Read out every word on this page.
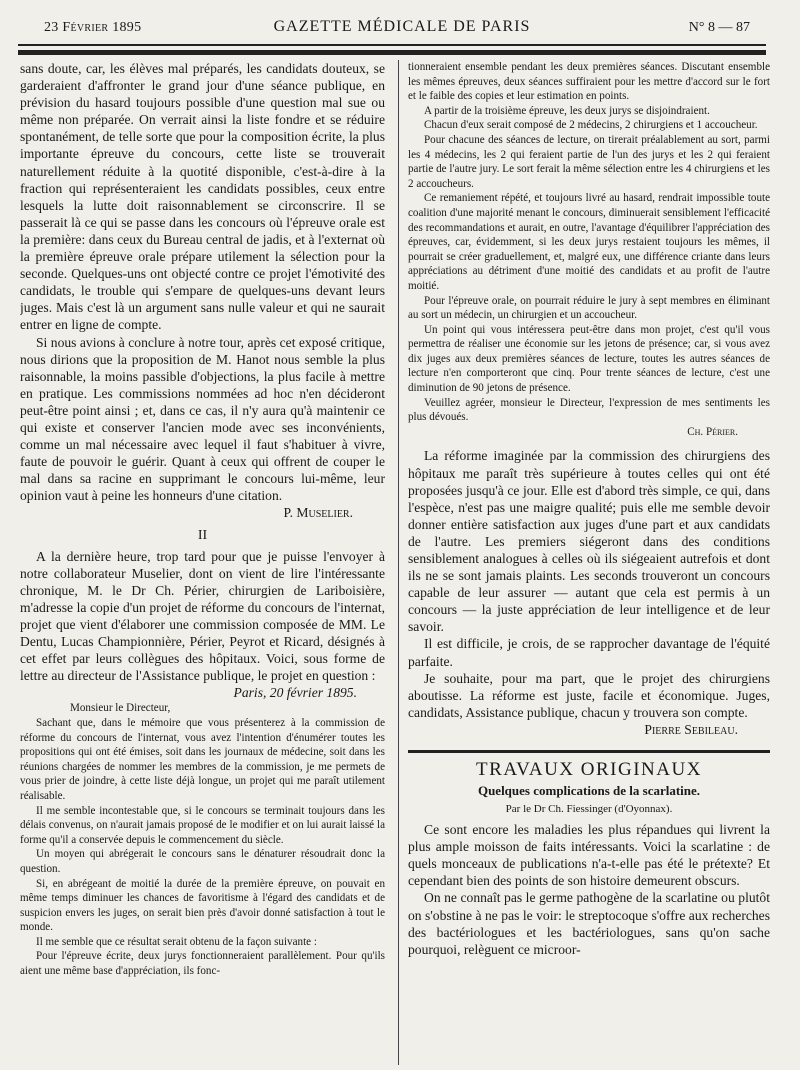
23 Février 1895	GAZETTE MÉDICALE DE PARIS	N° 8 — 87

sans doute, car, les élèves mal préparés, les candidats douteux, se garderaient d'affronter le grand jour d'une séance publique, en prévision du hasard toujours possible d'une question mal sue ou même non préparée. On verrait ainsi la liste fondre et se réduire spontanément, de telle sorte que pour la composition écrite, la plus importante épreuve du concours, cette liste se trouverait naturellement réduite à la quotité disponible, c'est-à-dire à la fraction qui représenteraient les candidats possibles, ceux entre lesquels la lutte doit raisonnablement se circonscrire. Il se passerait là ce qui se passe dans les concours où l'épreuve orale est la première: dans ceux du Bureau central de jadis, et à l'externat où la première épreuve orale prépare utilement la sélection pour la seconde. Quelques-uns ont objecté contre ce projet l'émotivité des candidats, le trouble qui s'empare de quelques-uns devant leurs juges. Mais c'est là un argument sans nulle valeur et qui ne saurait entrer en ligne de compte.

Si nous avions à conclure à notre tour, après cet exposé critique, nous dirions que la proposition de M. Hanot nous semble la plus raisonnable, la moins passible d'objections, la plus facile à mettre en pratique. Les commissions nommées ad hoc n'en décideront peut-être point ainsi ; et, dans ce cas, il n'y aura qu'à maintenir ce qui existe et conserver l'ancien mode avec ses inconvénients, comme un mal nécessaire avec lequel il faut s'habituer à vivre, faute de pouvoir le guérir. Quant à ceux qui offrent de couper le mal dans sa racine en supprimant le concours lui-même, leur opinion vaut à peine les honneurs d'une citation.

P. Muselier.

II

A la dernière heure, trop tard pour que je puisse l'envoyer à notre collaborateur Muselier, dont on vient de lire l'intéressante chronique, M. le Dr Ch. Périer, chirurgien de Lariboisière, m'adresse la copie d'un projet de réforme du concours de l'internat, projet que vient d'élaborer une commission composée de MM. Le Dentu, Lucas Championnière, Périer, Peyrot et Ricard, désignés à cet effet par leurs collègues des hôpitaux. Voici, sous forme de lettre au directeur de l'Assistance publique, le projet en question :

Paris, 20 février 1895.

Monsieur le Directeur,

Sachant que, dans le mémoire que vous présenterez à la commission de réforme du concours de l'internat, vous avez l'intention d'énumérer toutes les propositions qui ont été émises, soit dans les journaux de médecine, soit dans les réunions chargées de nommer les membres de la commission, je me permets de vous prier de joindre, à cette liste déjà longue, un projet qui me paraît utilement réalisable.

Il me semble incontestable que, si le concours se terminait toujours dans les délais convenus, on n'aurait jamais proposé de le modifier et on lui aurait laissé la forme qu'il a conservée depuis le commencement du siècle.

Un moyen qui abrégerait le concours sans le dénaturer résoudrait donc la question.

Si, en abrégeant de moitié la durée de la première épreuve, on pouvait en même temps diminuer les chances de favoritisme à l'égard des candidats et de suspicion envers les juges, on serait bien près d'avoir donné satisfaction à tout le monde.

Il me semble que ce résultat serait obtenu de la façon suivante :

Pour l'épreuve écrite, deux jurys fonctionneraient parallèlement. Pour qu'ils aient une même base d'appréciation, ils fonc-

tionneraient ensemble pendant les deux premières séances. Discutant ensemble les mêmes épreuves, deux séances suffiraient pour les mettre d'accord sur le fort et le faible des copies et leur estimation en points.

A partir de la troisième épreuve, les deux jurys se disjoindraient.

Chacun d'eux serait composé de 2 médecins, 2 chirurgiens et 1 accoucheur.

Pour chacune des séances de lecture, on tirerait préalablement au sort, parmi les 4 médecins, les 2 qui feraient partie de l'un des jurys et les 2 qui feraient partie de l'autre jury. Le sort ferait la même sélection entre les 4 chirurgiens et les 2 accoucheurs.

Ce remaniement répété, et toujours livré au hasard, rendrait impossible toute coalition d'une majorité menant le concours, diminuerait sensiblement l'efficacité des recommandations et aurait, en outre, l'avantage d'équilibrer l'appréciation des épreuves, car, évidemment, si les deux jurys restaient toujours les mêmes, il pourrait se créer graduellement, et, malgré eux, une différence criante dans leurs appréciations au détriment d'une moitié des candidats et au profit de l'autre moitié.

Pour l'épreuve orale, on pourrait réduire le jury à sept membres en éliminant au sort un médecin, un chirurgien et un accoucheur.

Un point qui vous intéressera peut-être dans mon projet, c'est qu'il vous permettra de réaliser une économie sur les jetons de présence; car, si vous avez dix juges aux deux premières séances de lecture, toutes les autres séances de lecture n'en comporteront que cinq. Pour trente séances de lecture, c'est une diminution de 90 jetons de présence.

Veuillez agréer, monsieur le Directeur, l'expression de mes sentiments les plus dévoués.

Ch. Périer.

La réforme imaginée par la commission des chirurgiens des hôpitaux me paraît très supérieure à toutes celles qui ont été proposées jusqu'à ce jour. Elle est d'abord très simple, ce qui, dans l'espèce, n'est pas une maigre qualité; puis elle me semble devoir donner entière satisfaction aux juges d'une part et aux candidats de l'autre. Les premiers siégeront dans des conditions sensiblement analogues à celles où ils siégeaient autrefois et dont ils ne se sont jamais plaints. Les seconds trouveront un concours capable de leur assurer — autant que cela est permis à un concours — la juste appréciation de leur intelligence et de leur savoir.

Il est difficile, je crois, de se rapprocher davantage de l'équité parfaite.

Je souhaite, pour ma part, que le projet des chirurgiens aboutisse. La réforme est juste, facile et économique. Juges, candidats, Assistance publique, chacun y trouvera son compte.

Pierre Sebileau.

TRAVAUX ORIGINAUX
Quelques complications de la scarlatine.
Par le Dr Ch. Fiessinger (d'Oyonnax).

Ce sont encore les maladies les plus répandues qui livrent la plus ample moisson de faits intéressants. Voici la scarlatine : de quels monceaux de publications n'a-t-elle pas été le prétexte? Et cependant bien des points de son histoire demeurent obscurs.

On ne connaît pas le germe pathogène de la scarlatine ou plutôt on s'obstine à ne pas le voir: le streptocoque s'offre aux recherches des bactériologues et les bactériologues, sans qu'on sache pourquoi, relèguent ce microor-
